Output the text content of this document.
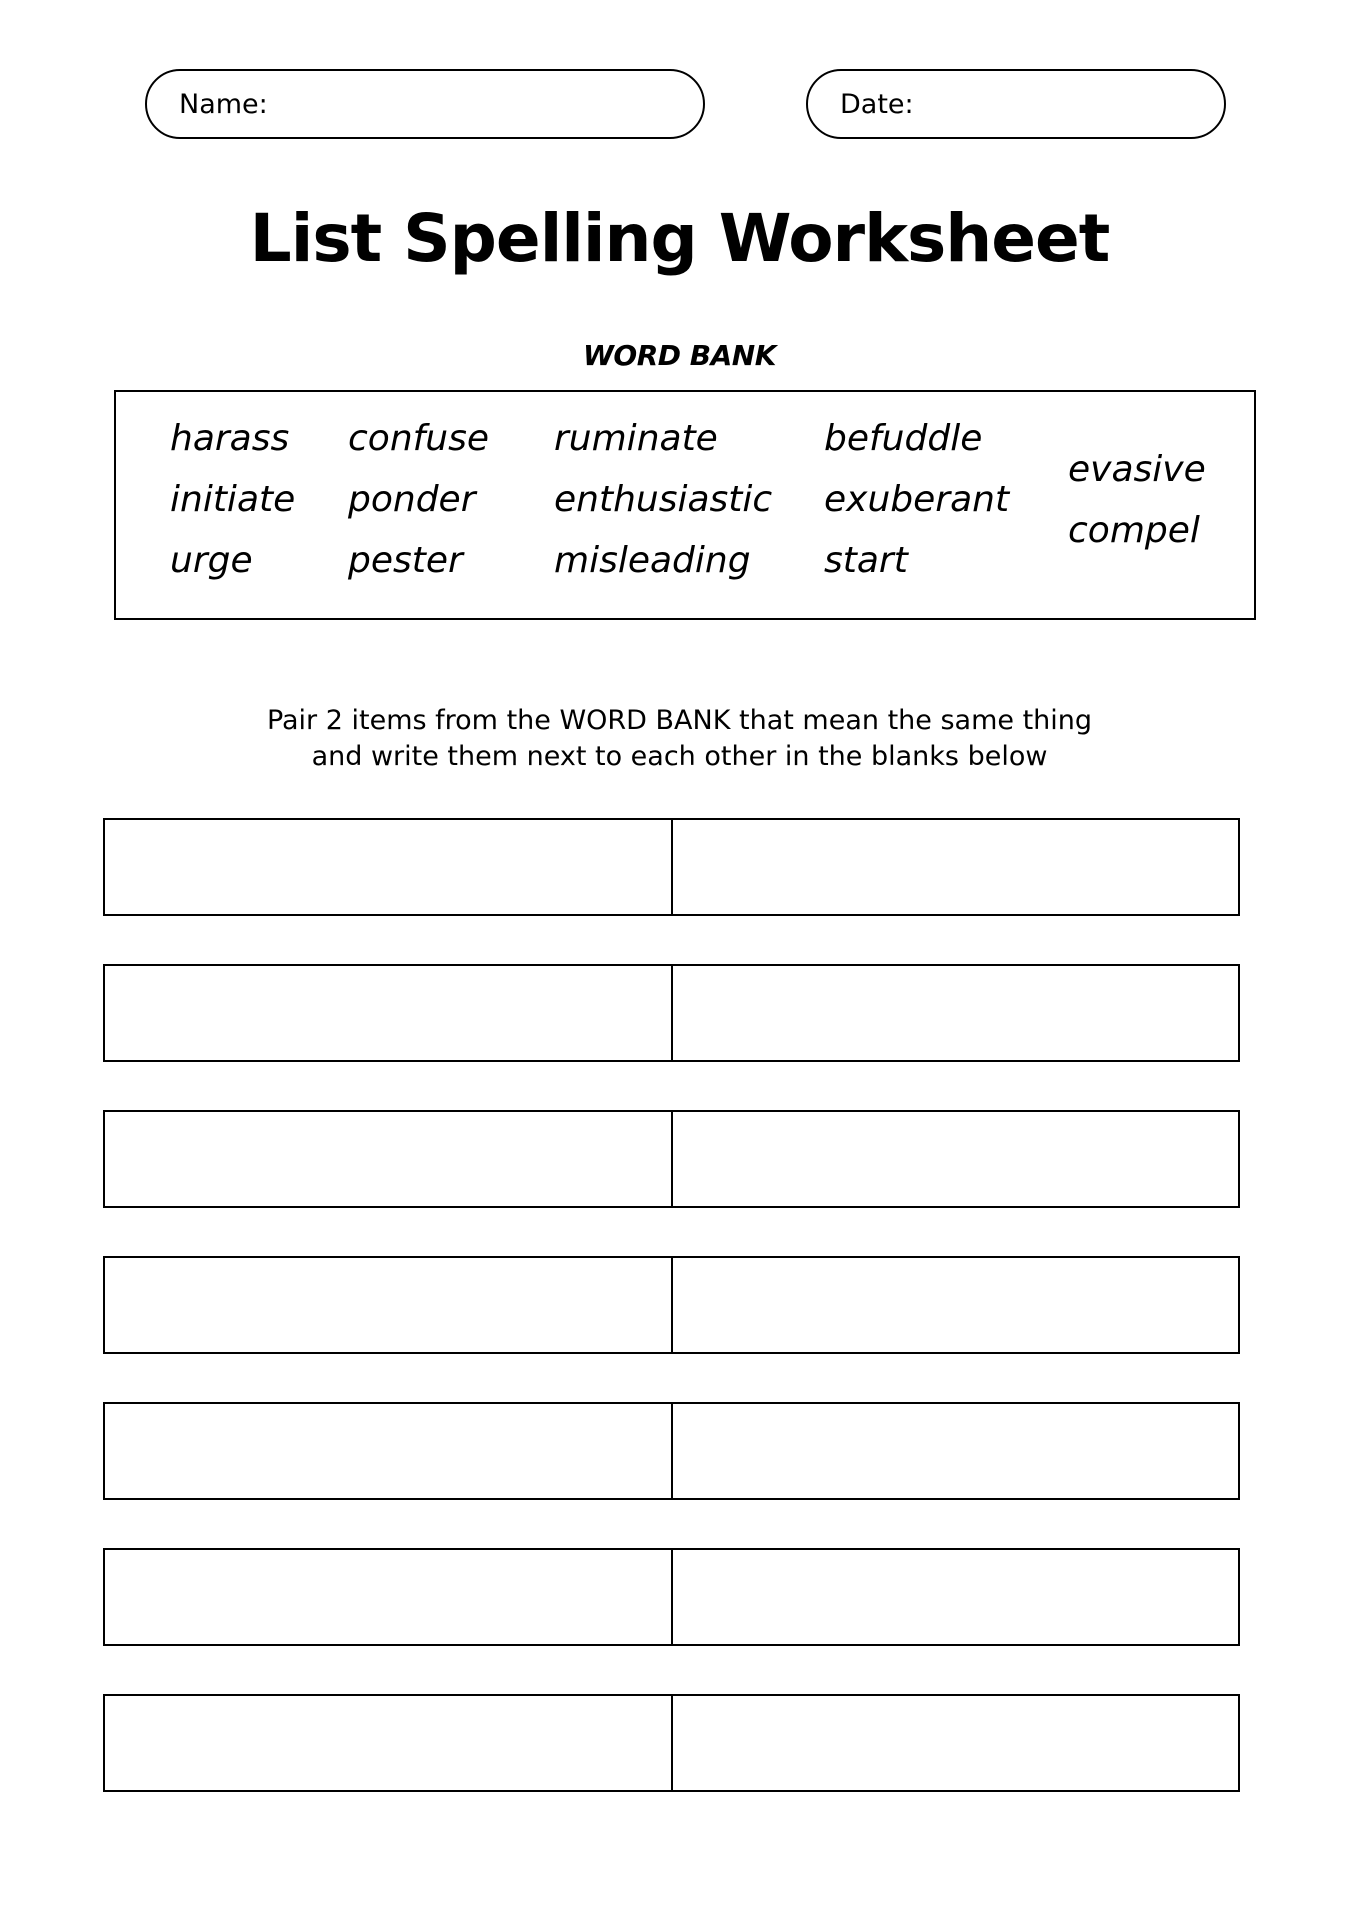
Name:	Date:
List Spelling Worksheet
WORD BANK
harass
initiate
urge
confuse
ponder
pester
ruminate
enthusiastic
misleading
befuddle
exuberant
start
evasive
compel
Pair 2 items from the WORD BANK that mean the same thing
and write them next to each other in the blanks below
